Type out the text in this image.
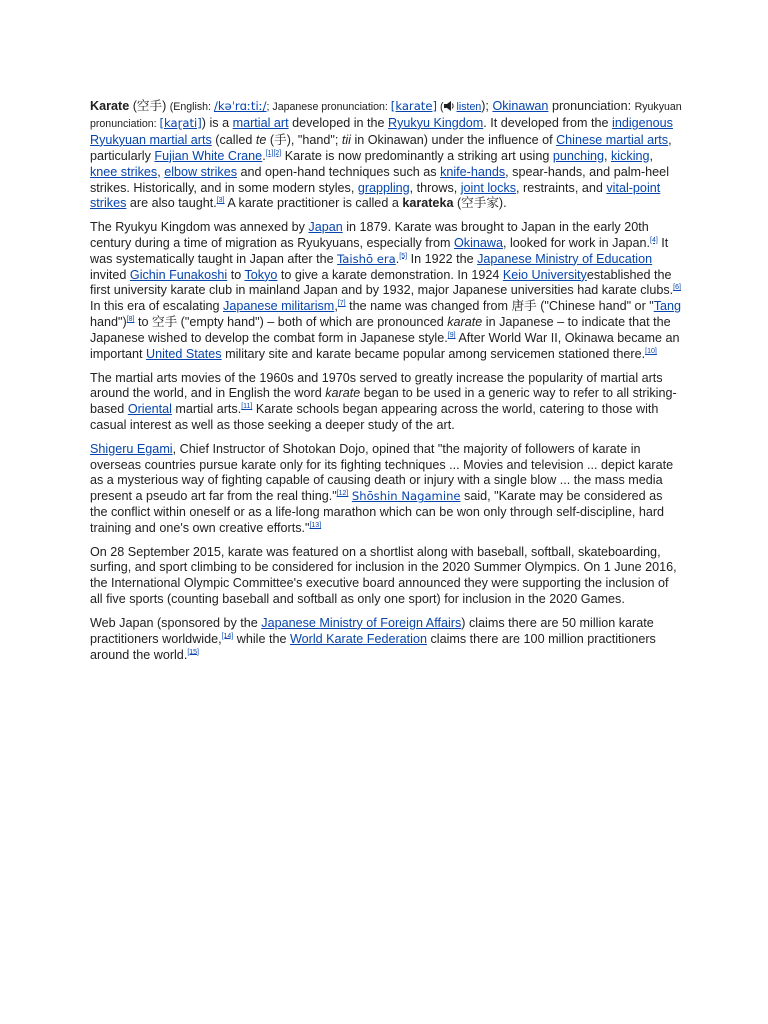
Karate (空手) (English: /kəˈrɑːtiː/; Japanese pronunciation: [karate] ( listen); Okinawan pronunciation: Ryukyuan pronunciation: [kaɽati]) is a martial art developed in the Ryukyu Kingdom. It developed from the indigenous Ryukyuan martial arts (called te (手), "hand"; tii in Okinawan) under the influence of Chinese martial arts, particularly Fujian White Crane.[1][2] Karate is now predominantly a striking art using punching, kicking, knee strikes, elbow strikes and open-hand techniques such as knife-hands, spear-hands, and palm-heel strikes. Historically, and in some modern styles, grappling, throws, joint locks, restraints, and vital-point strikes are also taught.[3] A karate practitioner is called a karateka (空手家).

The Ryukyu Kingdom was annexed by Japan in 1879. Karate was brought to Japan in the early 20th century during a time of migration as Ryukyuans, especially from Okinawa, looked for work in Japan.[4] It was systematically taught in Japan after the Taishō era.[5] In 1922 the Japanese Ministry of Education invited Gichin Funakoshi to Tokyo to give a karate demonstration. In 1924 Keio Universityestablished the first university karate club in mainland Japan and by 1932, major Japanese universities had karate clubs.[6] In this era of escalating Japanese militarism,[7] the name was changed from 唐手 ("Chinese hand" or "Tang hand")[8] to 空手 ("empty hand") – both of which are pronounced karate in Japanese – to indicate that the Japanese wished to develop the combat form in Japanese style.[9] After World War II, Okinawa became an important United States military site and karate became popular among servicemen stationed there.[10]

The martial arts movies of the 1960s and 1970s served to greatly increase the popularity of martial arts around the world, and in English the word karate began to be used in a generic way to refer to all striking-based Oriental martial arts.[11] Karate schools began appearing across the world, catering to those with casual interest as well as those seeking a deeper study of the art.

Shigeru Egami, Chief Instructor of Shotokan Dojo, opined that "the majority of followers of karate in overseas countries pursue karate only for its fighting techniques ... Movies and television ... depict karate as a mysterious way of fighting capable of causing death or injury with a single blow ... the mass media present a pseudo art far from the real thing."[12] Shōshin Nagamine said, "Karate may be considered as the conflict within oneself or as a life-long marathon which can be won only through self-discipline, hard training and one's own creative efforts."[13]

On 28 September 2015, karate was featured on a shortlist along with baseball, softball, skateboarding, surfing, and sport climbing to be considered for inclusion in the 2020 Summer Olympics. On 1 June 2016, the International Olympic Committee's executive board announced they were supporting the inclusion of all five sports (counting baseball and softball as only one sport) for inclusion in the 2020 Games.

Web Japan (sponsored by the Japanese Ministry of Foreign Affairs) claims there are 50 million karate practitioners worldwide,[14] while the World Karate Federation claims there are 100 million practitioners around the world.[15]
